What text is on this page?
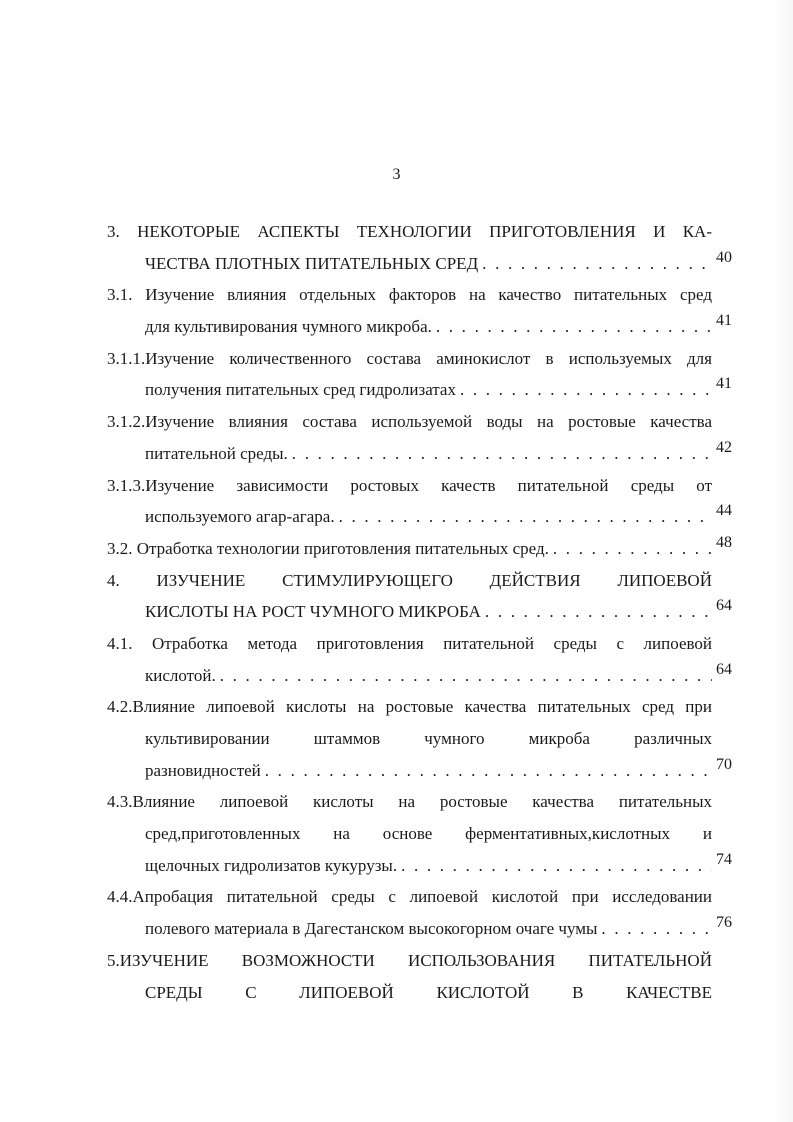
3
3. НЕКОТОРЫЕ АСПЕКТЫ ТЕХНОЛОГИИ ПРИГОТОВЛЕНИЯ И КА-
ЧЕСТВА ПЛОТНЫХ ПИТАТЕЛЬНЫХ СРЕД . . .	40
3.1. Изучение влияния отдельных факторов на качество питательных сред
для культивирования чумного микроба. . . .	41
3.1.1.Изучение количественного состава аминокислот в используемых для
получения питательных сред гидролизатах . . .	41
3.1.2.Изучение влияния состава используемой воды на ростовые качества
питательной среды. . . .	42
3.1.3.Изучение зависимости ростовых качеств питательной среды от
используемого агар-агара. . . .	44
3.2. Отработка технологии приготовления питательных сред. . . .	48
4. ИЗУЧЕНИЕ СТИМУЛИРУЮЩЕГО ДЕЙСТВИЯ ЛИПОЕВОЙ
КИСЛОТЫ НА РОСТ ЧУМНОГО МИКРОБА . . .	64
4.1. Отработка метода приготовления питательной среды с липоевой
кислотой. . . .	64
4.2.Влияние липоевой кислоты на ростовые качества питательных сред при
культивировании штаммов чумного микроба различных
разновидностей . . .	70
4.3.Влияние липоевой кислоты на ростовые качества питательных
сред,приготовленных на основе ферментативных,кислотных и
щелочных гидролизатов кукурузы. . . .	74
4.4.Апробация питательной среды с липоевой кислотой при исследовании
полевого материала в Дагестанском высокогорном очаге чумы . . .	76
5.ИЗУЧЕНИЕ ВОЗМОЖНОСТИ ИСПОЛЬЗОВАНИЯ ПИТАТЕЛЬНОЙ
СРЕДЫ С ЛИПОЕВОЙ КИСЛОТОЙ В КАЧЕСТВЕ
